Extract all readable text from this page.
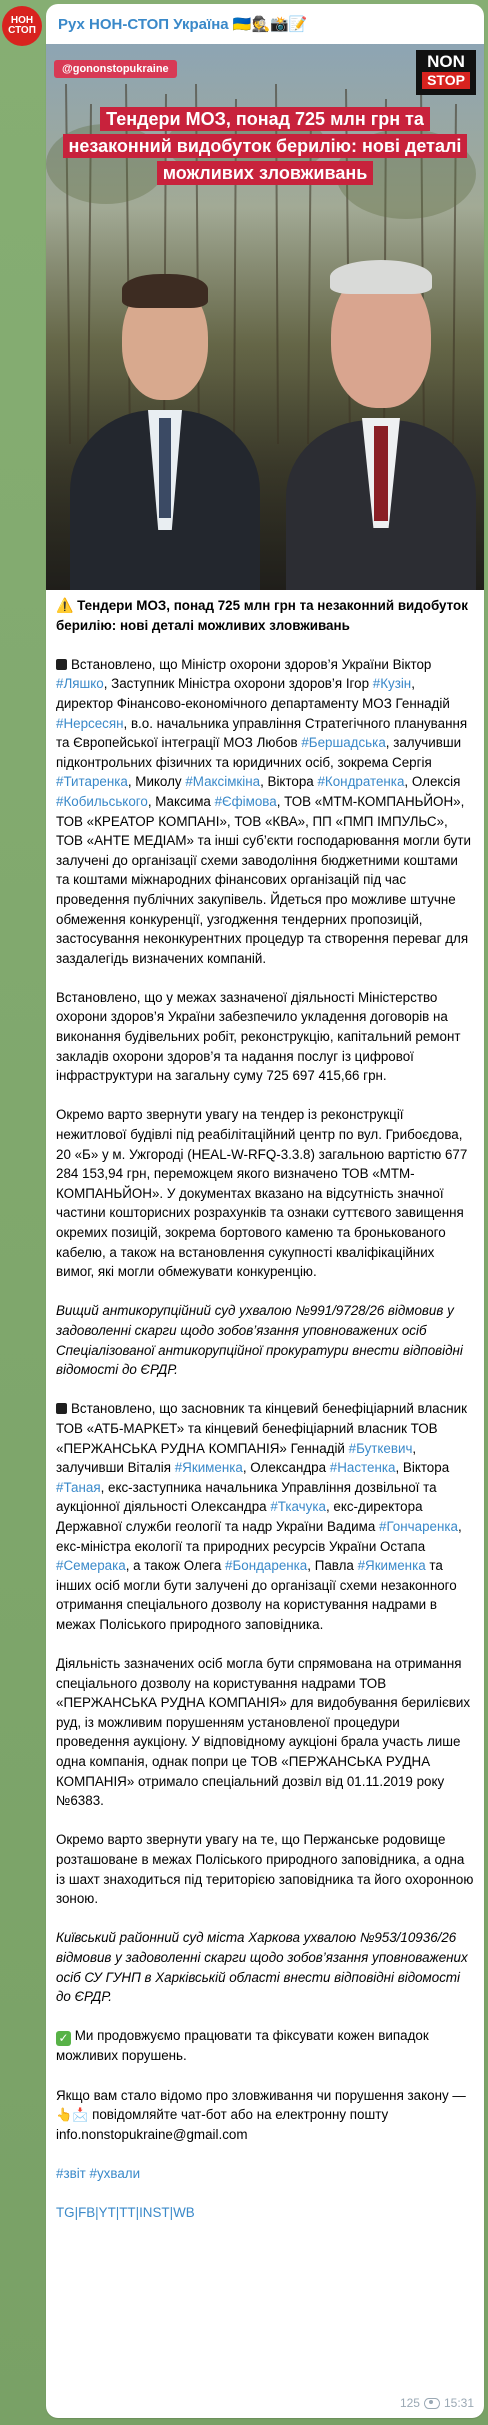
НОН
СТОП	Рух НОН-СТОП Україна 🇺🇦🕵️📸📝
@gononstopukraine	NON
STOP
Тендери МОЗ, понад 725 млн грн та незаконний видобуток берилію: нові деталі можливих зловживань

⚠️ Тендери МОЗ, понад 725 млн грн та незаконний видобуток берилію: нові деталі можливих зловживань

Встановлено, що Міністр охорони здоров’я України Віктор #Ляшко, Заступник Міністра охорони здоров’я Ігор #Кузін, директор Фінансово-економічного департаменту МОЗ Геннадій #Нерсесян, в.о. начальника управління Стратегічного планування та Європейської інтеграції МОЗ Любов #Бершадська, залучивши підконтрольних фізичних та юридичних осіб, зокрема Сергія #Титаренка, Миколу #Максімкіна, Віктора #Кондратенка, Олексія #Кобильського, Максима #Єфімова, ТОВ «МТМ-КОМПАНЬЙОН», ТОВ «КРЕАТОР КОМПАНІ», ТОВ «КВА», ПП «ПМП ІМПУЛЬС», ТОВ «АНТЕ МЕДІАМ» та інші суб’єкти господарювання могли бути залучені до організації схеми заводоління бюджетними коштами та коштами міжнародних фінансових організацій під час проведення публічних закупівель. Йдеться про можливе штучне обмеження конкуренції, узгодження тендерних пропозицій, застосування неконкурентних процедур та створення переваг для заздалегідь визначених компаній.

Встановлено, що у межах зазначеної діяльності Міністерство охорони здоров’я України забезпечило укладення договорів на виконання будівельних робіт, реконструкцію, капітальний ремонт закладів охорони здоров’я та надання послуг із цифрової інфраструктури на загальну суму 725 697 415,66 грн.

Окремо варто звернути увагу на тендер із реконструкції нежитлової будівлі під реабілітаційний центр по вул. Грибоєдова, 20 «Б» у м. Ужгороді (HEAL-W-RFQ-3.3.8) загальною вартістю 677 284 153,94 грн, переможцем якого визначено ТОВ «МТМ-КОМПАНЬЙОН». У документах вказано на відсутність значної частини кошторисних розрахунків та ознаки суттєвого завищення окремих позицій, зокрема бортового каменю та бронькованого кабелю, а також на встановлення сукупності кваліфікаційних вимог, які могли обмежувати конкуренцію.

Вищий антикорупційний суд ухвалою №991/9728/26 відмовив у задоволенні скарги щодо зобов’язання уповноважених осіб Спеціалізованої антикорупційної прокуратури внести відповідні відомості до ЄРДР.

Встановлено, що засновник та кінцевий бенефіціарний власник ТОВ «АТБ-МАРКЕТ» та кінцевий бенефіціарний власник ТОВ «ПЕРЖАНСЬКА РУДНА КОМПАНІЯ» Геннадій #Буткевич, залучивши Віталія #Якименка, Олександра #Настенка, Віктора #Таная, екс-заступника начальника Управління дозвільної та аукціонної діяльності Олександра #Ткачука, екс-директора Державної служби геології та надр України Вадима #Гончаренка, екс-міністра екології та природних ресурсів України Остапа #Семерака, а також Олега #Бондаренка, Павла #Якименка та інших осіб могли бути залучені до організації схеми незаконного отримання спеціального дозволу на користування надрами в межах Поліського природного заповідника.

Діяльність зазначених осіб могла бути спрямована на отримання спеціального дозволу на користування надрами ТОВ «ПЕРЖАНСЬКА РУДНА КОМПАНІЯ» для видобування берилієвих руд, із можливим порушенням установленої процедури проведення аукціону. У відповідному аукціоні брала участь лише одна компанія, однак попри це ТОВ «ПЕРЖАНСЬКА РУДНА КОМПАНІЯ» отримало спеціальний дозвіл від 01.11.2019 року №6383.

Окремо варто звернути увагу на те, що Пержанське родовище розташоване в межах Поліського природного заповідника, а одна із шахт знаходиться під територією заповідника та його охоронною зоною.

Київський районний суд міста Харкова ухвалою №953/10936/26 відмовив у задоволенні скарги щодо зобов’язання уповноважених осіб СУ ГУНП в Харківській області внести відповідні відомості до ЄРДР.

✓ Ми продовжуємо працювати та фіксувати кожен випадок можливих порушень.

Якщо вам стало відомо про зловживання чи порушення закону — 👆📩 повідомляйте чат-бот або на електронну пошту info.nonstopukraine@gmail.com

#звіт #ухвали

TG|FB|YT|TT|INST|WB

125 15:31
